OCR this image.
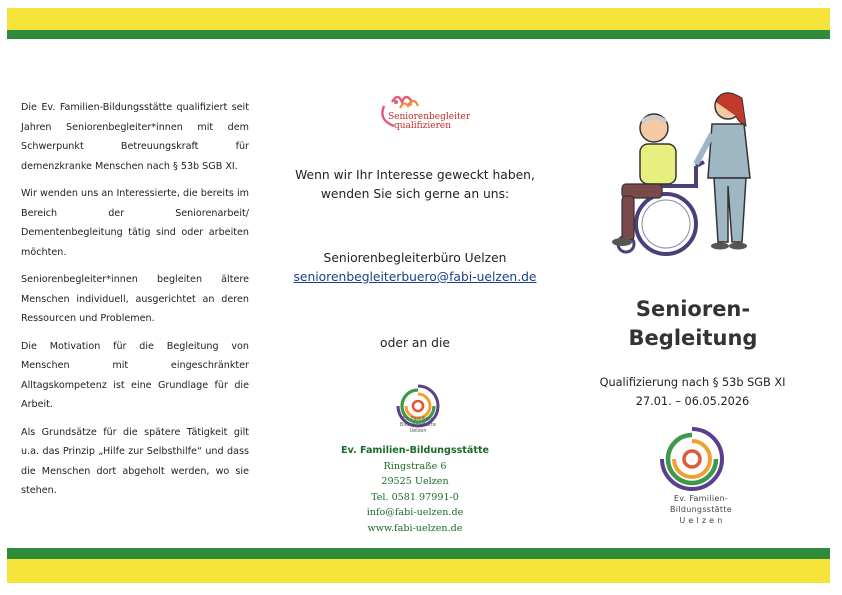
Die Ev. Familien-Bildungsstätte qualifiziert seit Jahren Seniorenbegleiter*innen mit dem Schwerpunkt Betreuungskraft für demenzkranke Menschen nach § 53b SGB XI.

Wir wenden uns an Interessierte, die bereits im Bereich der Seniorenarbeit/ Dementenbegleitung tätig sind oder arbeiten möchten.

Seniorenbegleiter*innen begleiten ältere Menschen individuell, ausgerichtet an deren Ressourcen und Problemen.

Die Motivation für die Begleitung von Menschen mit eingeschränkter Alltagskompetenz ist eine Grundlage für die Arbeit.

Als Grundsätze für die spätere Tätigkeit gilt u.a. das Prinzip „Hilfe zur Selbsthilfe“ und dass die Menschen dort abgeholt werden, wo sie stehen.

Seniorenbegleiter
qualifizieren
Wenn wir Ihr Interesse geweckt haben,
wenden Sie sich gerne an uns:
Seniorenbegleiterbüro Uelzen
seniorenbegleiterbuero@fabi-uelzen.de
oder an die
Ev. Familien-
Bildungsstätte
Uelzen
Ev. Familien-Bildungsstätte
Ringstraße 6
29525 Uelzen
Tel. 0581 97991-0
info@fabi-uelzen.de
www.fabi-uelzen.de
Senioren-
Begleitung
Qualifizierung nach § 53b SGB XI
27.01. – 06.05.2026
Ev. Familien-
Bildungsstätte
U e l z e n
